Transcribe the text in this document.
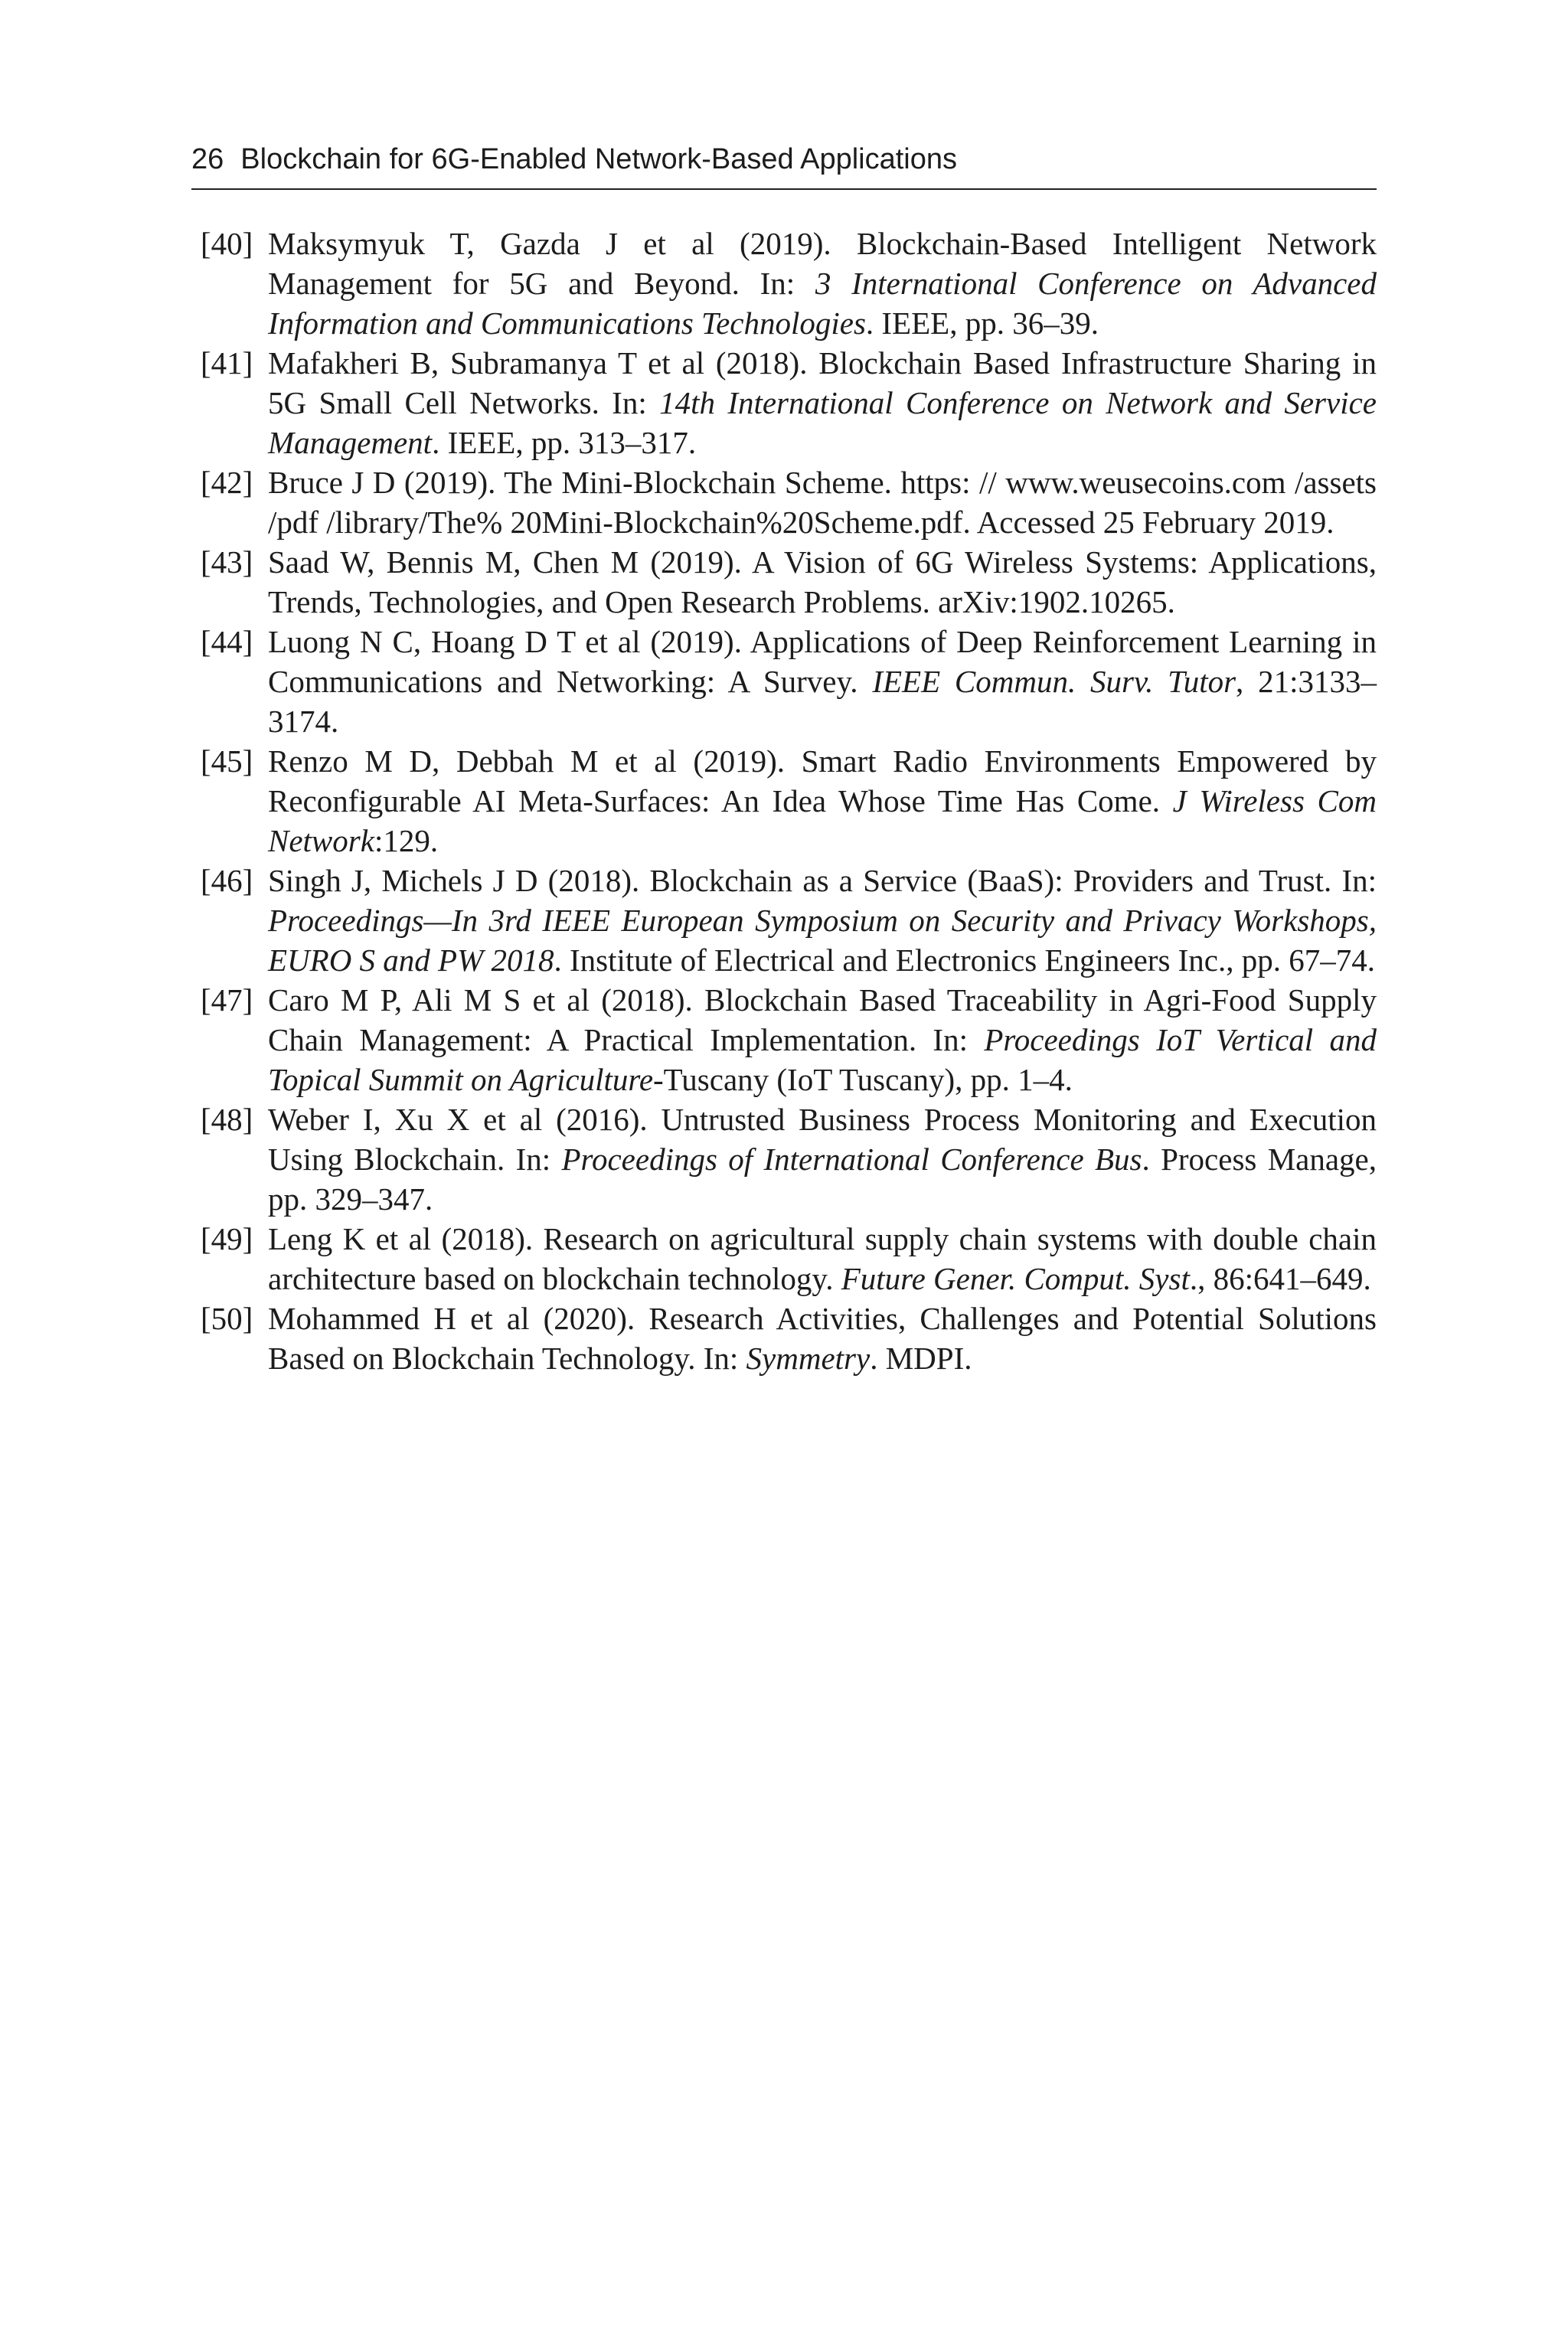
26 Blockchain for 6G-Enabled Network-Based Applications
[40] Maksymyuk T, Gazda J et al (2019). Blockchain-Based Intelligent Network Management for 5G and Beyond. In: 3 International Conference on Advanced Information and Communications Technologies. IEEE, pp. 36–39.
[41] Mafakheri B, Subramanya T et al (2018). Blockchain Based Infrastructure Sharing in 5G Small Cell Networks. In: 14th International Conference on Network and Service Management. IEEE, pp. 313–317.
[42] Bruce J D (2019). The Mini-Blockchain Scheme. https: // www.weusecoins.com /assets /pdf /library/The% 20Mini-Blockchain%20Scheme.pdf. Accessed 25 February 2019.
[43] Saad W, Bennis M, Chen M (2019). A Vision of 6G Wireless Systems: Applications, Trends, Technologies, and Open Research Problems. arXiv:1902.10265.
[44] Luong N C, Hoang D T et al (2019). Applications of Deep Reinforcement Learning in Communications and Networking: A Survey. IEEE Commun. Surv. Tutor, 21:3133–3174.
[45] Renzo M D, Debbah M et al (2019). Smart Radio Environments Empowered by Reconfigurable AI Meta-Surfaces: An Idea Whose Time Has Come. J Wireless Com Network:129.
[46] Singh J, Michels J D (2018). Blockchain as a Service (BaaS): Providers and Trust. In: Proceedings—In 3rd IEEE European Symposium on Security and Privacy Workshops, EURO S and PW 2018. Institute of Electrical and Electronics Engineers Inc., pp. 67–74.
[47] Caro M P, Ali M S et al (2018). Blockchain Based Traceability in Agri-Food Supply Chain Management: A Practical Implementation. In: Proceedings IoT Vertical and Topical Summit on Agriculture-Tuscany (IoT Tuscany), pp. 1–4.
[48] Weber I, Xu X et al (2016). Untrusted Business Process Monitoring and Execution Using Blockchain. In: Proceedings of International Conference Bus. Process Manage, pp. 329–347.
[49] Leng K et al (2018). Research on agricultural supply chain systems with double chain architecture based on blockchain technology. Future Gener. Comput. Syst., 86:641–649.
[50] Mohammed H et al (2020). Research Activities, Challenges and Potential Solutions Based on Blockchain Technology. In: Symmetry. MDPI.
